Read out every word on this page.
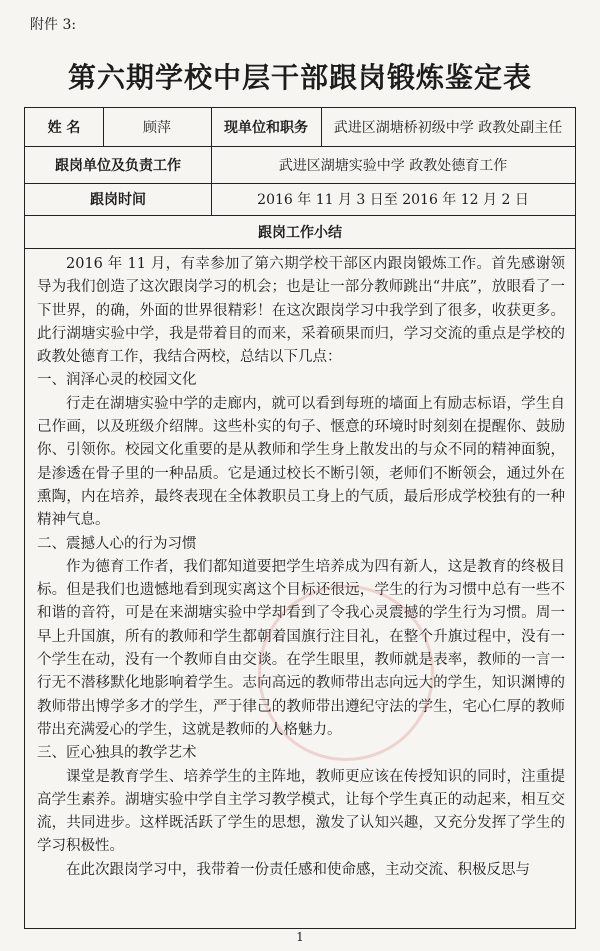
附件 3:
第六期学校中层干部跟岗锻炼鉴定表
姓 名	顾萍	现单位和职务	武进区湖塘桥初级中学 政教处副主任
跟岗单位及负责工作	武进区湖塘实验中学 政教处德育工作
跟岗时间	2016 年 11 月 3 日至 2016 年 12 月 2 日
跟岗工作小结

2016 年 11 月，有幸参加了第六期学校干部区内跟岗锻炼工作。首先感谢领导为我们创造了这次跟岗学习的机会；也是让一部分教师跳出“井底”，放眼看了一下世界，的确，外面的世界很精彩！在这次跟岗学习中我学到了很多，收获更多。此行湖塘实验中学，我是带着目的而来，采着硕果而归，学习交流的重点是学校的政教处德育工作，我结合两校，总结以下几点：

一、润泽心灵的校园文化

行走在湖塘实验中学的走廊内，就可以看到每班的墙面上有励志标语，学生自己作画，以及班级介绍牌。这些朴实的句子、惬意的环境时时刻刻在提醒你、鼓励你、引领你。校园文化重要的是从教师和学生身上散发出的与众不同的精神面貌，是渗透在骨子里的一种品质。它是通过校长不断引领，老师们不断领会，通过外在熏陶，内在培养，最终表现在全体教职员工身上的气质，最后形成学校独有的一种精神气息。

二、震撼人心的行为习惯

作为德育工作者，我们都知道要把学生培养成为四有新人，这是教育的终极目标。但是我们也遗憾地看到现实离这个目标还很远，学生的行为习惯中总有一些不和谐的音符，可是在来湖塘实验中学却看到了令我心灵震撼的学生行为习惯。周一早上升国旗，所有的教师和学生都朝着国旗行注目礼，在整个升旗过程中，没有一个学生在动，没有一个教师自由交谈。在学生眼里，教师就是表率，教师的一言一行无不潜移默化地影响着学生。志向高远的教师带出志向远大的学生，知识渊博的教师带出博学多才的学生，严于律己的教师带出遵纪守法的学生，宅心仁厚的教师带出充满爱心的学生，这就是教师的人格魅力。

三、匠心独具的教学艺术

课堂是教育学生、培养学生的主阵地，教师更应该在传授知识的同时，注重提高学生素养。湖塘实验中学自主学习教学模式，让每个学生真正的动起来，相互交流，共同进步。这样既活跃了学生的思想，激发了认知兴趣，又充分发挥了学生的学习积极性。

在此次跟岗学习中，我带着一份责任感和使命感，主动交流、积极反思与

1
